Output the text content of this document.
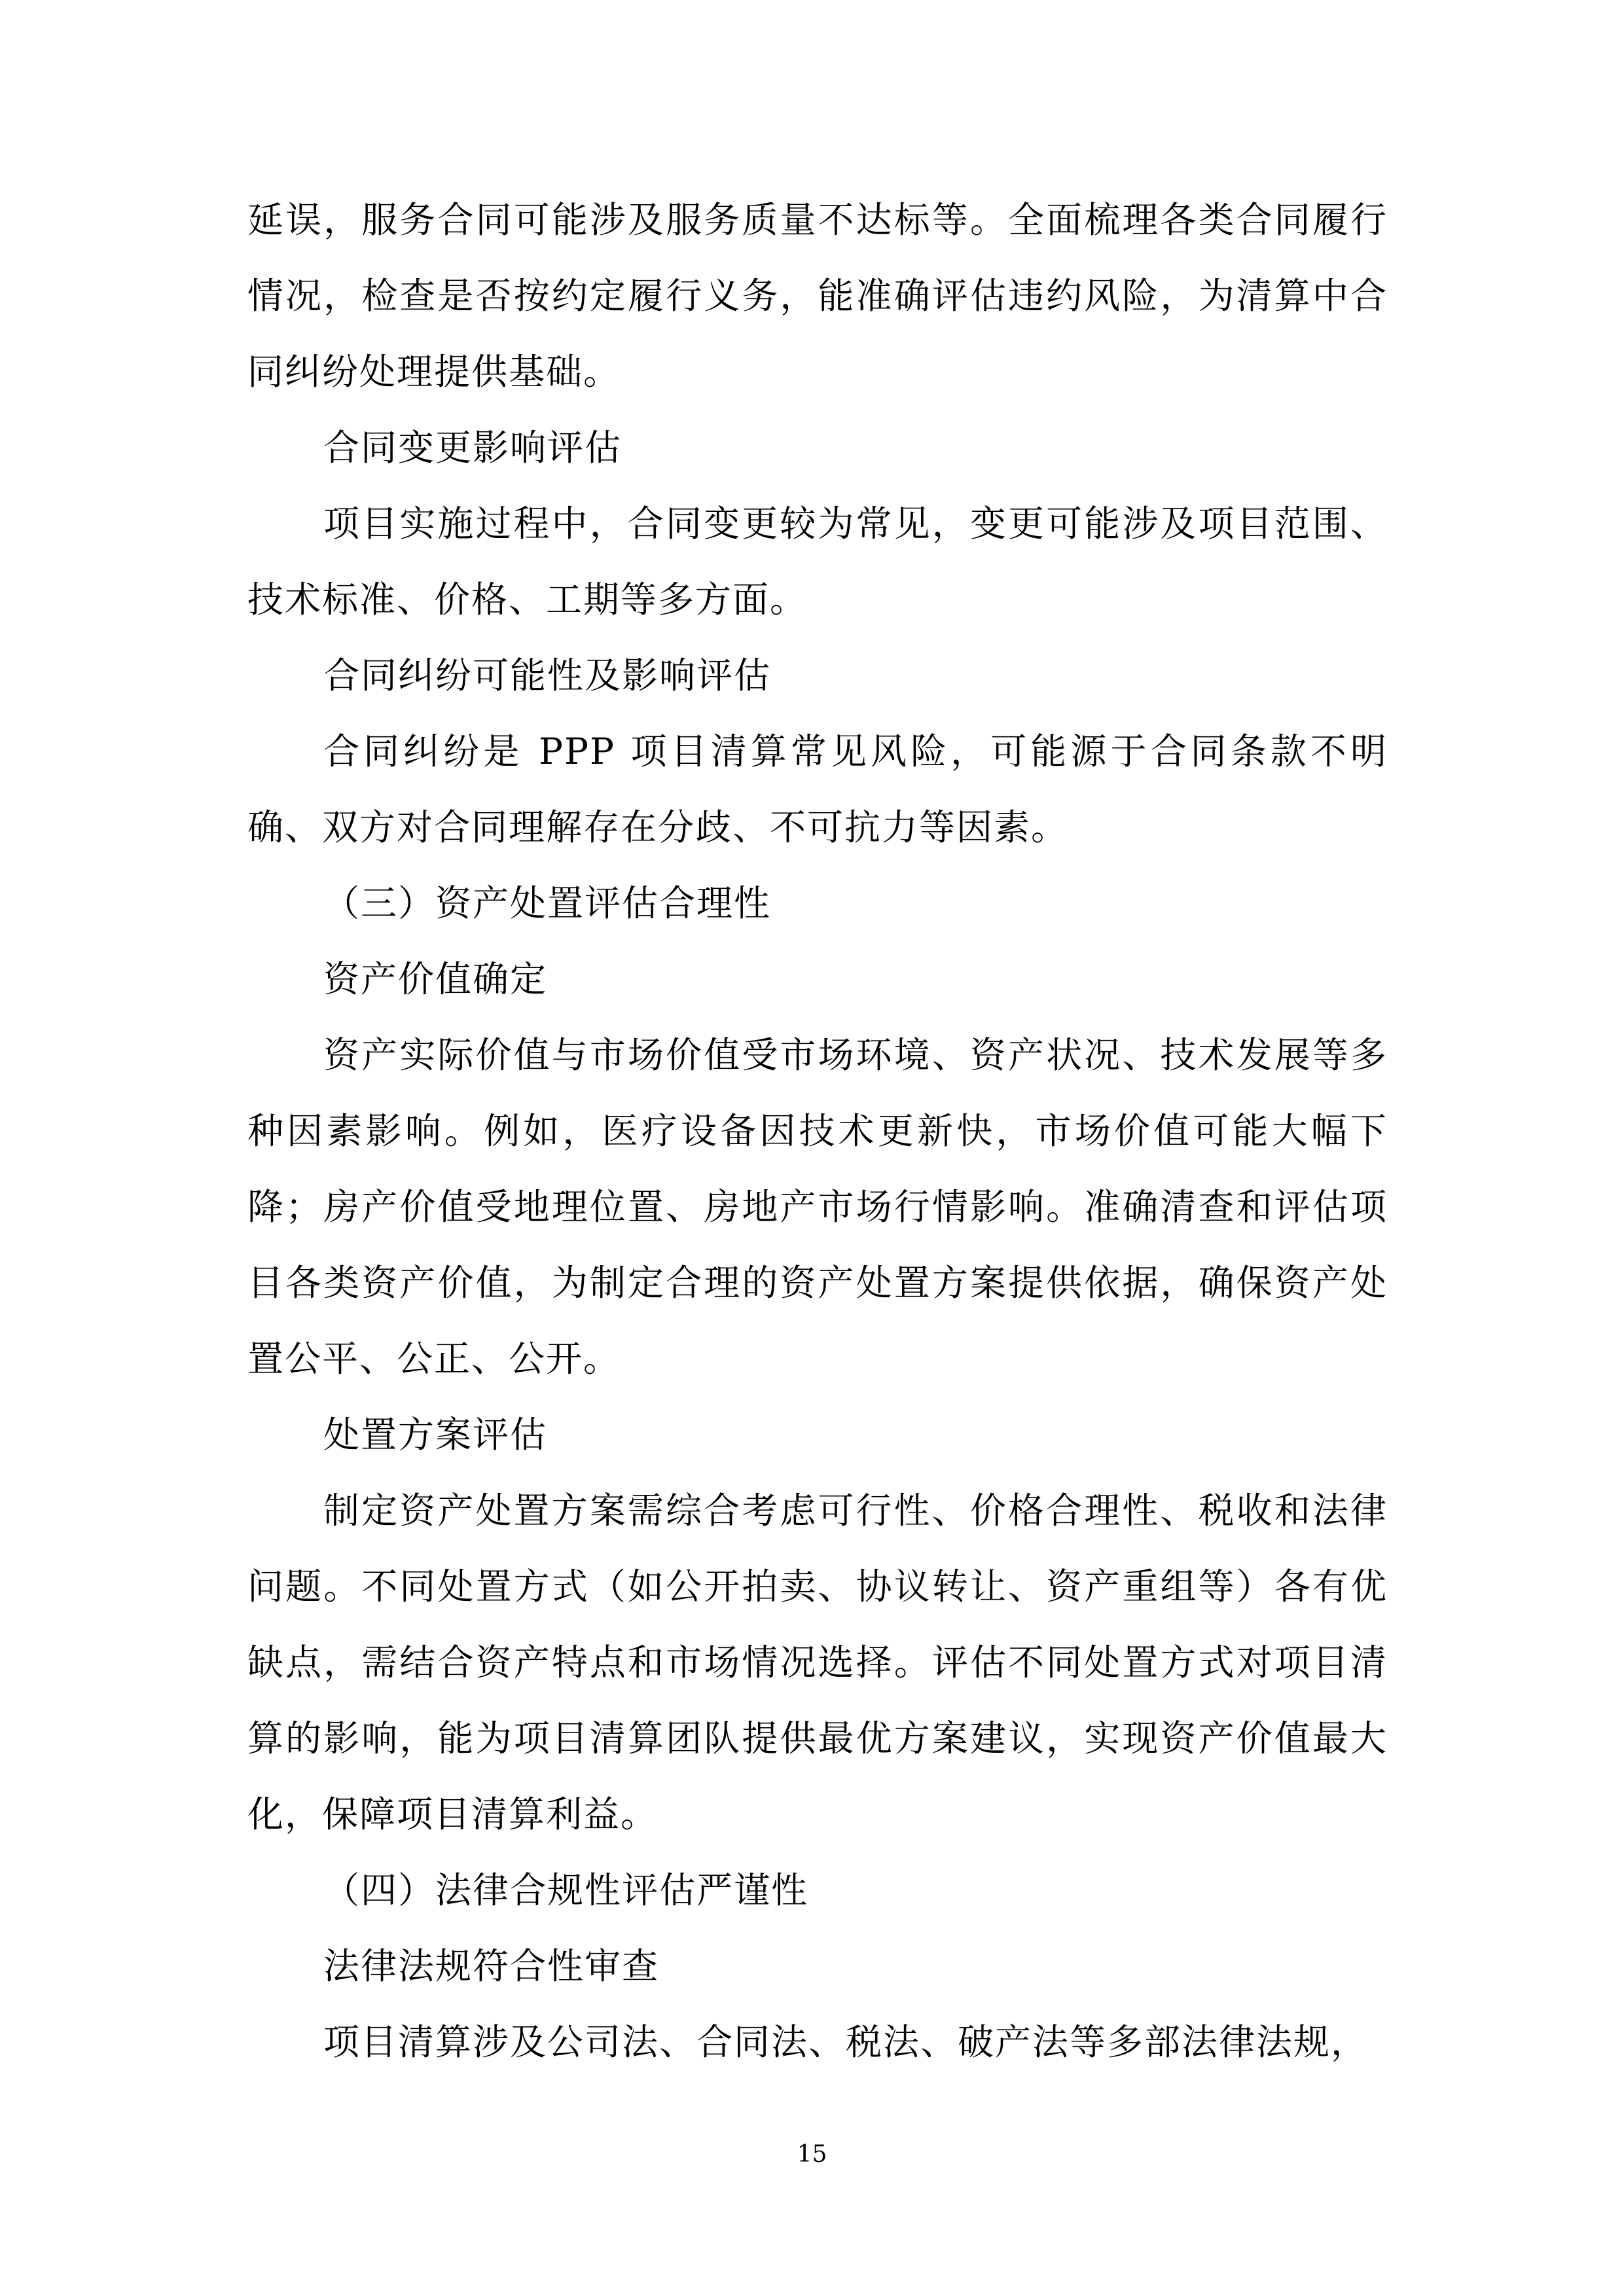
延误，服务合同可能涉及服务质量不达标等。全面梳理各类合同履行情况，检查是否按约定履行义务，能准确评估违约风险，为清算中合同纠纷处理提供基础。

合同变更影响评估

项目实施过程中，合同变更较为常见，变更可能涉及项目范围、技术标准、价格、工期等多方面。

合同纠纷可能性及影响评估

合同纠纷是 PPP 项目清算常见风险，可能源于合同条款不明确、双方对合同理解存在分歧、不可抗力等因素。

（三）资产处置评估合理性

资产价值确定

资产实际价值与市场价值受市场环境、资产状况、技术发展等多种因素影响。例如，医疗设备因技术更新快，市场价值可能大幅下降；房产价值受地理位置、房地产市场行情影响。准确清查和评估项目各类资产价值，为制定合理的资产处置方案提供依据，确保资产处置公平、公正、公开。

处置方案评估

制定资产处置方案需综合考虑可行性、价格合理性、税收和法律问题。不同处置方式（如公开拍卖、协议转让、资产重组等）各有优缺点，需结合资产特点和市场情况选择。评估不同处置方式对项目清算的影响，能为项目清算团队提供最优方案建议，实现资产价值最大化，保障项目清算利益。

（四）法律合规性评估严谨性

法律法规符合性审查

项目清算涉及公司法、合同法、税法、破产法等多部法律法规，

15
